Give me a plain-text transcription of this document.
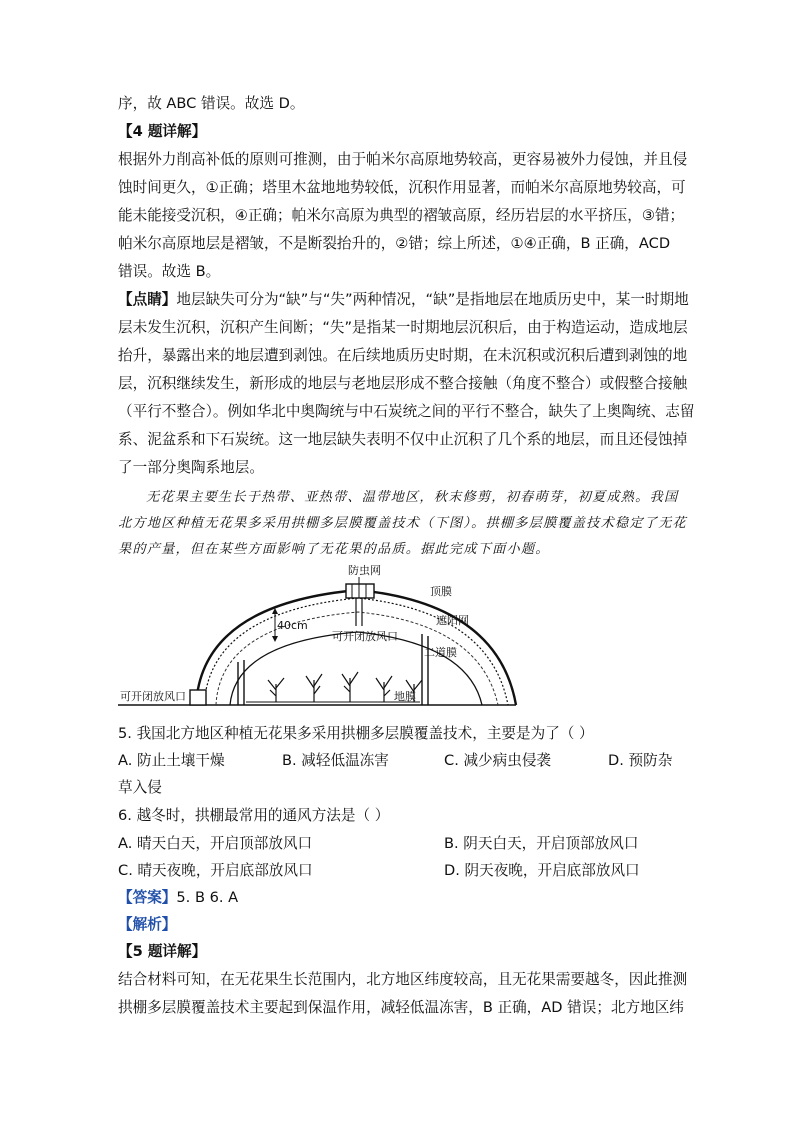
序，故 ABC 错误。故选 D。
【4 题详解】
根据外力削高补低的原则可推测，由于帕米尔高原地势较高，更容易被外力侵蚀，并且侵
蚀时间更久，①正确；塔里木盆地地势较低，沉积作用显著，而帕米尔高原地势较高，可
能未能接受沉积，④正确；帕米尔高原为典型的褶皱高原，经历岩层的水平挤压，③错；
帕米尔高原地层是褶皱，不是断裂抬升的，②错；综上所述，①④正确，B 正确，ACD
错误。故选 B。
【点睛】地层缺失可分为“缺”与“失”两种情况，“缺”是指地层在地质历史中，某一时期地
层未发生沉积，沉积产生间断；“失”是指某一时期地层沉积后，由于构造运动，造成地层
抬升，暴露出来的地层遭到剥蚀。在后续地质历史时期，在未沉积或沉积后遭到剥蚀的地
层，沉积继续发生，新形成的地层与老地层形成不整合接触（角度不整合）或假整合接触
（平行不整合）。例如华北中奥陶统与中石炭统之间的平行不整合，缺失了上奥陶统、志留
系、泥盆系和下石炭统。这一地层缺失表明不仅中止沉积了几个系的地层，而且还侵蚀掉
了一部分奥陶系地层。
无花果主要生长于热带、亚热带、温带地区，秋末修剪，初春萌芽，初夏成熟。我国
北方地区种植无花果多采用拱棚多层膜覆盖技术（下图）。拱棚多层膜覆盖技术稳定了无花
果的产量，但在某些方面影响了无花果的品质。据此完成下面小题。
防虫网
顶膜
遮阳网
二道膜
地膜
可开闭放风口
可开闭放风口
40cm
5. 我国北方地区种植无花果多采用拱棚多层膜覆盖技术，主要是为了（ ）
A. 防止土壤干燥	B. 减轻低温冻害	C. 减少病虫侵袭	D. 预防杂
草入侵
6. 越冬时，拱棚最常用的通风方法是（ ）
A. 晴天白天，开启顶部放风口	B. 阴天白天，开启顶部放风口
C. 晴天夜晚，开启底部放风口	D. 阴天夜晚，开启底部放风口
【答案】5. B 6. A
【解析】
【5 题详解】
结合材料可知，在无花果生长范围内，北方地区纬度较高，且无花果需要越冬，因此推测
拱棚多层膜覆盖技术主要起到保温作用，减轻低温冻害，B 正确，AD 错误；北方地区纬
